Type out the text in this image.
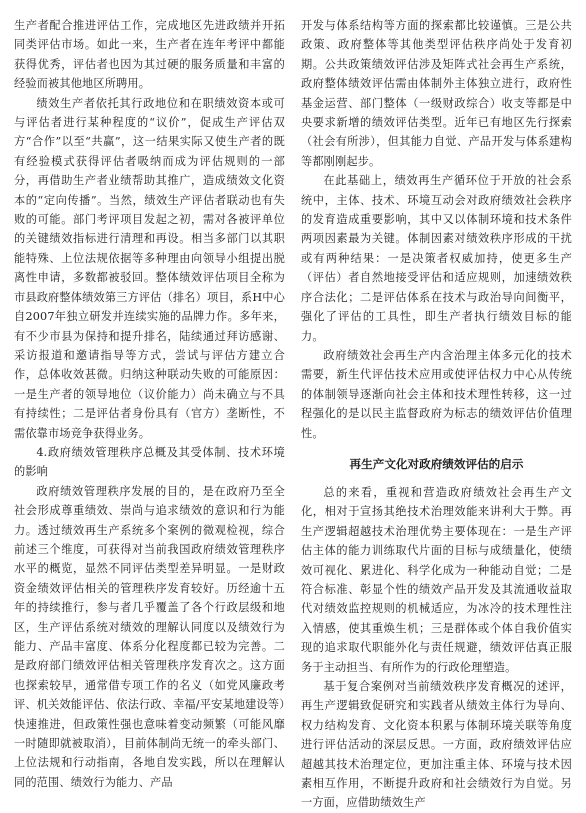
生产者配合推进评估工作，完成地区先进政绩并开拓同类评估市场。如此一来，生产者在连年考评中都能获得优秀，评估者也因为其过硬的服务质量和丰富的经验而被其他地区所聘用。

绩效生产者依托其行政地位和在职绩效资本或可与评估者进行某种程度的“议价”，促成生产评估双方“合作”以至“共赢”，这一结果实际又使生产者的既有经验模式获得评估者吸纳而成为评估规则的一部分，再借助生产者业绩帮助其推广，造成绩效文化资本的“定向传播”。当然，绩效生产评估者联动也有失败的可能。部门考评项目发起之初，需对各被评单位的关键绩效指标进行清理和再设。相当多部门以其职能特殊、上位法规依据等多种理由向领导小组提出脱离性申请，多数都被驳回。整体绩效评估项目全称为市县政府整体绩效第三方评估（排名）项目，系H中心自2007年独立研发并连续实施的品牌力作。多年来，有不少市县为保持和提升排名，陆续通过拜访感谢、采访报道和邀请指导等方式，尝试与评估方建立合作，总体收效甚微。归纳这种联动失败的可能原因：一是生产者的领导地位（议价能力）尚未确立与不具有持续性；二是评估者身份具有（官方）垄断性，不需依靠市场竞争获得业务。

4.政府绩效管理秩序总概及其受体制、技术环境的影响

政府绩效管理秩序发展的目的，是在政府乃至全社会形成尊重绩效、崇尚与追求绩效的意识和行为能力。透过绩效再生产系统多个案例的微观检视，综合前述三个维度，可获得对当前我国政府绩效管理秩序水平的概览，显然不同评估类型差异明显。一是财政资金绩效评估相关的管理秩序发育较好。历经逾十五年的持续推行，参与者几乎覆盖了各个行政层级和地区，生产评估系统对绩效的理解认同度以及绩效行为能力、产品丰富度、体系分化程度都已较为完善。二是政府部门绩效评估相关管理秩序发育次之。这方面也探索较早，通常借专项工作的名义（如党风廉政考评、机关效能评估、依法行政、幸福/平安某地建设等）快速推进，但政策性强也意味着变动频繁（可能风靡一时随即就被取消），目前体制尚无统一的牵头部门、上位法规和行动指南，各地自发实践，所以在理解认同的范围、绩效行为能力、产品

开发与体系结构等方面的探索都比较谨慎。三是公共政策、政府整体等其他类型评估秩序尚处于发育初期。公共政策绩效评估涉及矩阵式社会再生产系统，政府整体绩效评估需由体制外主体独立进行，政府性基金运营、部门整体（一级财政综合）收支等都是中央要求新增的绩效评估类型。近年已有地区先行探索（社会有所涉），但其能力自觉、产品开发与体系建构等都刚刚起步。

在此基础上，绩效再生产循环位于开放的社会系统中，主体、技术、环境互动会对政府绩效社会秩序的发育造成重要影响，其中又以体制环境和技术条件两项因素最为关键。体制因素对绩效秩序形成的干扰或有两种结果：一是决策者权威加持，使更多生产（评估）者自然地接受评估和适应规则，加速绩效秩序合法化；二是评估体系在技术与政治导向间衡平，强化了评估的工具性，即生产者执行绩效目标的能力。

政府绩效社会再生产内含治理主体多元化的技术需要，新生代评估技术应用或使评估权力中心从传统的体制领导逐渐向社会主体和技术理性转移，这一过程强化的是以民主监督政府为标志的绩效评估价值理性。

再生产文化对政府绩效评估的启示

总的来看，重视和营造政府绩效社会再生产文化，相对于宣扬其绝技术治理效能来讲利大于弊。再生产逻辑超越技术治理优势主要体现在：一是生产评估主体的能力训练取代片面的目标与成绩量化，使绩效可视化、累进化、科学化成为一种能动自觉；二是符合标准、彰显个性的绩效产品开发及其流通收益取代对绩效监控规则的机械适应，为冰冷的技术理性注入情感，使其重焕生机；三是群体或个体自我价值实现的追求取代职能外化与责任规避，绩效评估真正服务于主动担当、有所作为的行政伦理塑造。

基于复合案例对当前绩效秩序发育概况的述评，再生产逻辑致促研究和实践者从绩效主体行为导向、权力结构发育、文化资本积累与体制环境关联等角度进行评估活动的深层反思。一方面，政府绩效评估应超越其技术治理定位，更加注重主体、环境与技术因素相互作用，不断提升政府和社会绩效行为自觉。另一方面，应借助绩效生产
